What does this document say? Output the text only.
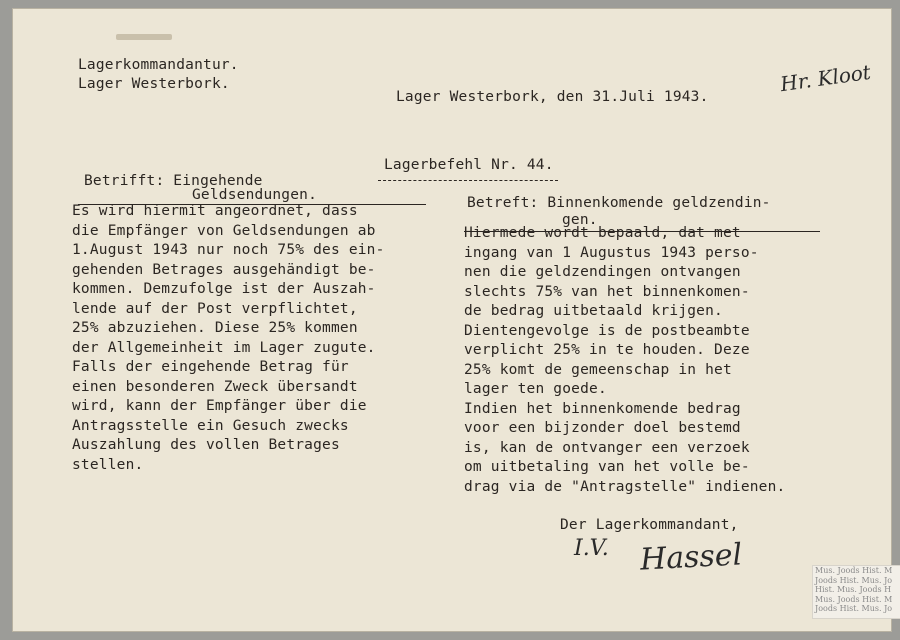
Lagerkommandantur.
Lager Westerbork.
Lager Westerbork, den 31.Juli 1943.
Hr. Kloot
Lagerbefehl Nr. 44.
Betrifft: Eingehende
Geldsendungen.
Es wird hiermit angeordnet, dass
die Empfänger von Geldsendungen ab
1.August 1943 nur noch 75% des ein-
gehenden Betrages ausgehändigt be-
kommen. Demzufolge ist der Auszah-
lende auf der Post verpflichtet,
25% abzuziehen. Diese 25% kommen
der Allgemeinheit im Lager zugute.
Falls der eingehende Betrag für
einen besonderen Zweck übersandt
wird, kann der Empfänger über die
Antragsstelle ein Gesuch zwecks
Auszahlung des vollen Betrages
stellen.
Betreft: Binnenkomende geldzendin-
gen.
Hiermede wordt bepaald, dat met
ingang van 1 Augustus 1943 perso-
nen die geldzendingen ontvangen
slechts 75% van het binnenkomen-
de bedrag uitbetaald krijgen.
Dientengevolge is de postbeambte
verplicht 25% in te houden. Deze
25% komt de gemeenschap in het
lager ten goede.
Indien het binnenkomende bedrag
voor een bijzonder doel bestemd
is, kan de ontvanger een verzoek
om uitbetaling van het volle be-
drag via de "Antragstelle" indienen.
Der Lagerkommandant,
I.V. Hassel	Mus. Joods Hist. M
Joods Hist. Mus. Jo
Hist. Mus. Joods H
Mus. Joods Hist. M
Joods Hist. Mus. Jo
